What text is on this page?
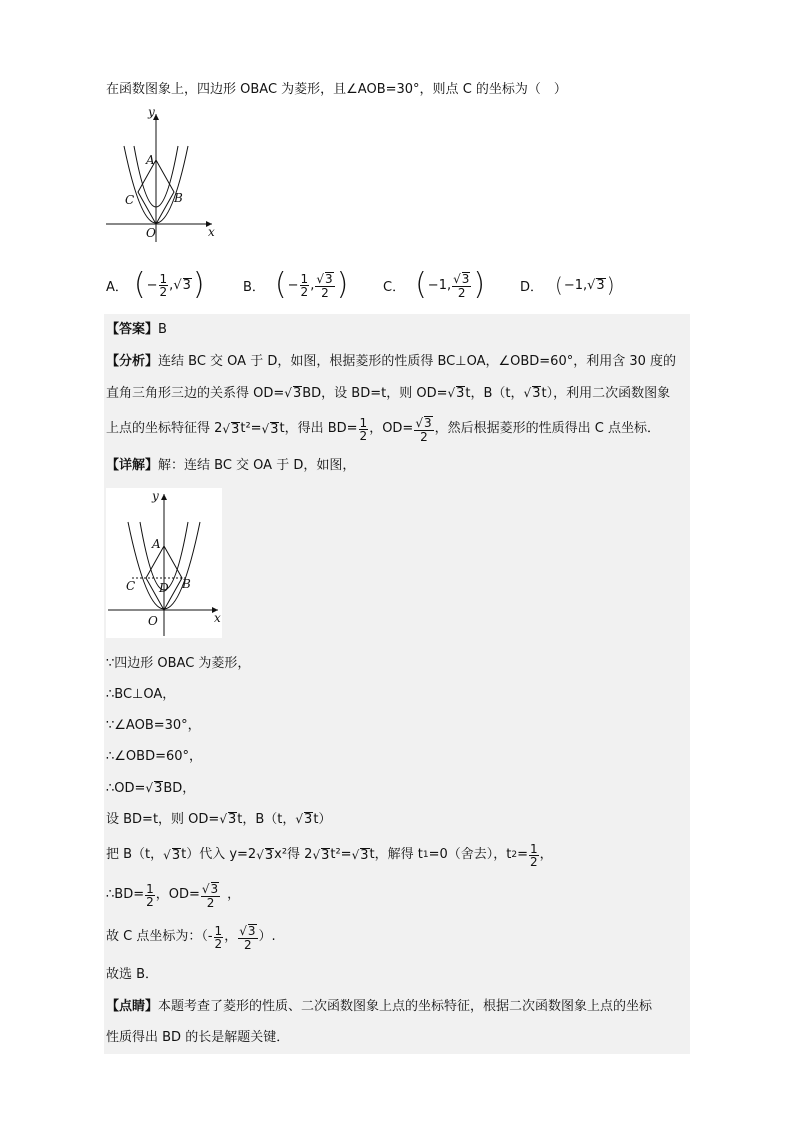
在函数图象上，四边形 OBAC 为菱形，且∠AOB=30°，则点 C 的坐标为（　）
y
x
A
B
C
O
A． ( − $\frac{1}{2}$ , √ 3 )	B． ( − $\frac{1}{2}$ , $\frac{√3}{2}$ )	C． ( −1, $\frac{√3}{2}$ )	D． ( −1, √ 3 )
【答案】B
【分析】连结 BC 交 OA 于 D，如图，根据菱形的性质得 BC⊥OA，∠OBD=60°，利用含 30 度的
直角三角形三边的关系得 OD=√3BD，设 BD=t，则 OD=√3t，B（t，√3t），利用二次函数图象
上点的坐标特征得 2 √ 3 t²= √ 3 t，得出 $BD= \frac{1}{2}$ ，$OD= \frac{√3}{2}$ ，然后根据菱形的性质得出 C 点坐标．
【详解】解：连结 BC 交 OA 于 D，如图，
y
x
A
B
C D
O
∵四边形 OBAC 为菱形，
∴BC⊥OA，
∵∠AOB=30°，
∴∠OBD=60°，
∴OD=√3BD，
设 BD=t，则 OD=√3t，B（t，√3t）
把 B（t， √ 3 t）代入 y=2 √ 3 x²得 2 √ 3 t²= √ 3 t，解得 t 1 =0（舍去），t $2 = \frac{1}{2}$ ，
∴BD= $\frac{1}{2}$ ，$OD= \frac{√3}{2}$ ，
故 C 点坐标为：（- $\frac{1}{2}$ ， $\frac{√3}{2}$ ）.
故选 B．
【点睛】本题考查了菱形的性质、二次函数图象上点的坐标特征，根据二次函数图象上点的坐标
性质得出 BD 的长是解题关键．
